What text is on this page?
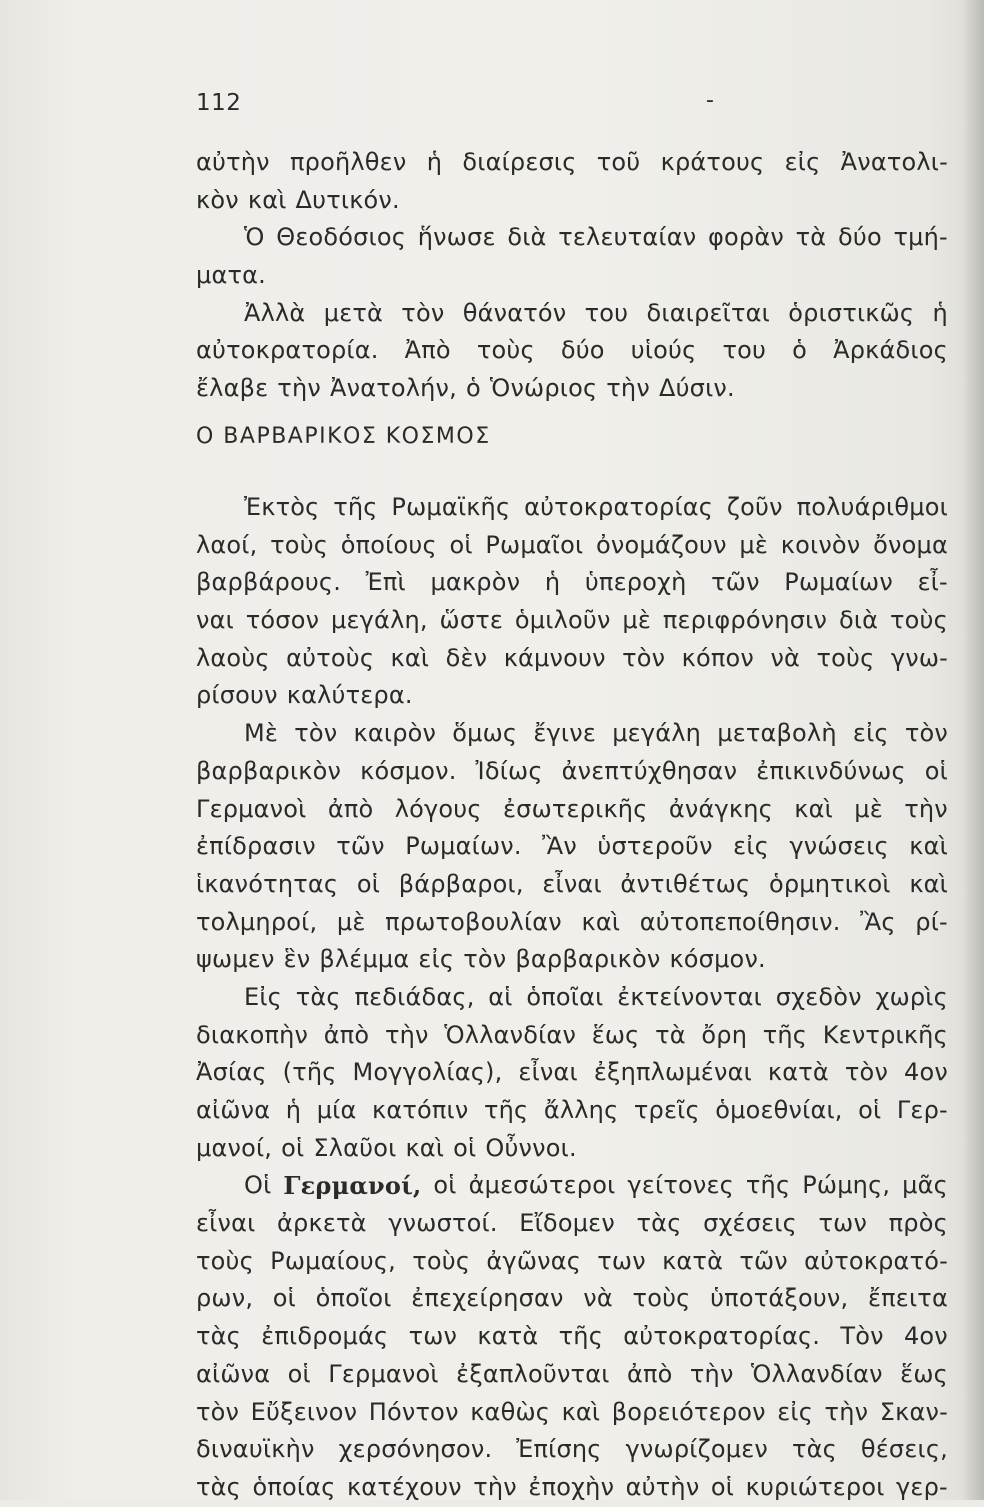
112	-
αὐτὴν προῆλθεν ἡ διαίρεσις τοῦ κράτους εἰς Ἀνατολι-
κὸν καὶ Δυτικόν.
Ὁ Θεοδόσιος ἥνωσε διὰ τελευταίαν φορὰν τὰ δύο τμή-
ματα.
Ἀλλὰ μετὰ τὸν θάνατόν του διαιρεῖται ὁριστικῶς ἡ
αὐτοκρατορία. Ἀπὸ τοὺς δύο υἱούς του ὁ Ἀρκάδιος
ἔλαβε τὴν Ἀνατολήν, ὁ Ὁνώριος τὴν Δύσιν.
Ο ΒΑΡΒΑΡΙΚΟΣ ΚΟΣΜΟΣ
Ἐκτὸς τῆς Ρωμαϊκῆς αὐτοκρατορίας ζοῦν πολυάριθμοι
λαοί, τοὺς ὁποίους οἱ Ρωμαῖοι ὀνομάζουν μὲ κοινὸν ὄνομα
βαρβάρους. Ἐπὶ μακρὸν ἡ ὑπεροχὴ τῶν Ρωμαίων εἶ-
ναι τόσον μεγάλη, ὥστε ὁμιλοῦν μὲ περιφρόνησιν διὰ τοὺς
λαοὺς αὐτοὺς καὶ δὲν κάμνουν τὸν κόπον νὰ τοὺς γνω-
ρίσουν καλύτερα.
Μὲ τὸν καιρὸν ὅμως ἔγινε μεγάλη μεταβολὴ εἰς τὸν
βαρβαρικὸν κόσμον. Ἰδίως ἀνεπτύχθησαν ἐπικινδύνως οἱ
Γερμανοὶ ἀπὸ λόγους ἐσωτερικῆς ἀνάγκης καὶ μὲ τὴν
ἐπίδρασιν τῶν Ρωμαίων. Ἂν ὑστεροῦν εἰς γνώσεις καὶ
ἱκανότητας οἱ βάρβαροι, εἶναι ἀντιθέτως ὁρμητικοὶ καὶ
τολμηροί, μὲ πρωτοβουλίαν καὶ αὐτοπεποίθησιν. Ἂς ρί-
ψωμεν ἓν βλέμμα εἰς τὸν βαρβαρικὸν κόσμον.
Εἰς τὰς πεδιάδας, αἱ ὁποῖαι ἐκτείνονται σχεδὸν χωρὶς
διακοπὴν ἀπὸ τὴν Ὁλλανδίαν ἕως τὰ ὄρη τῆς Κεντρικῆς
Ἀσίας (τῆς Μογγολίας), εἶναι ἐξηπλωμέναι κατὰ τὸν 4ον
αἰῶνα ἡ μία κατόπιν τῆς ἄλλης τρεῖς ὁμοεθνίαι, οἱ Γερ-
μανοί, οἱ Σλαῦοι καὶ οἱ Οὖννοι.
Οἱ Γερμανοί, οἱ ἀμεσώτεροι γείτονες τῆς Ρώμης, μᾶς
εἶναι ἀρκετὰ γνωστοί. Εἴδομεν τὰς σχέσεις των πρὸς
τοὺς Ρωμαίους, τοὺς ἀγῶνας των κατὰ τῶν αὐτοκρατό-
ρων, οἱ ὁποῖοι ἐπεχείρησαν νὰ τοὺς ὑποτάξουν, ἔπειτα
τὰς ἐπιδρομάς των κατὰ τῆς αὐτοκρατορίας. Τὸν 4ον
αἰῶνα οἱ Γερμανοὶ ἐξαπλοῦνται ἀπὸ τὴν Ὁλλανδίαν ἕως
τὸν Εὔξεινον Πόντον καθὼς καὶ βορειότερον εἰς τὴν Σκαν-
διναυϊκὴν χερσόνησον. Ἐπίσης γνωρίζομεν τὰς θέσεις,
τὰς ὁποίας κατέχουν τὴν ἐποχὴν αὐτὴν οἱ κυριώτεροι γερ-
